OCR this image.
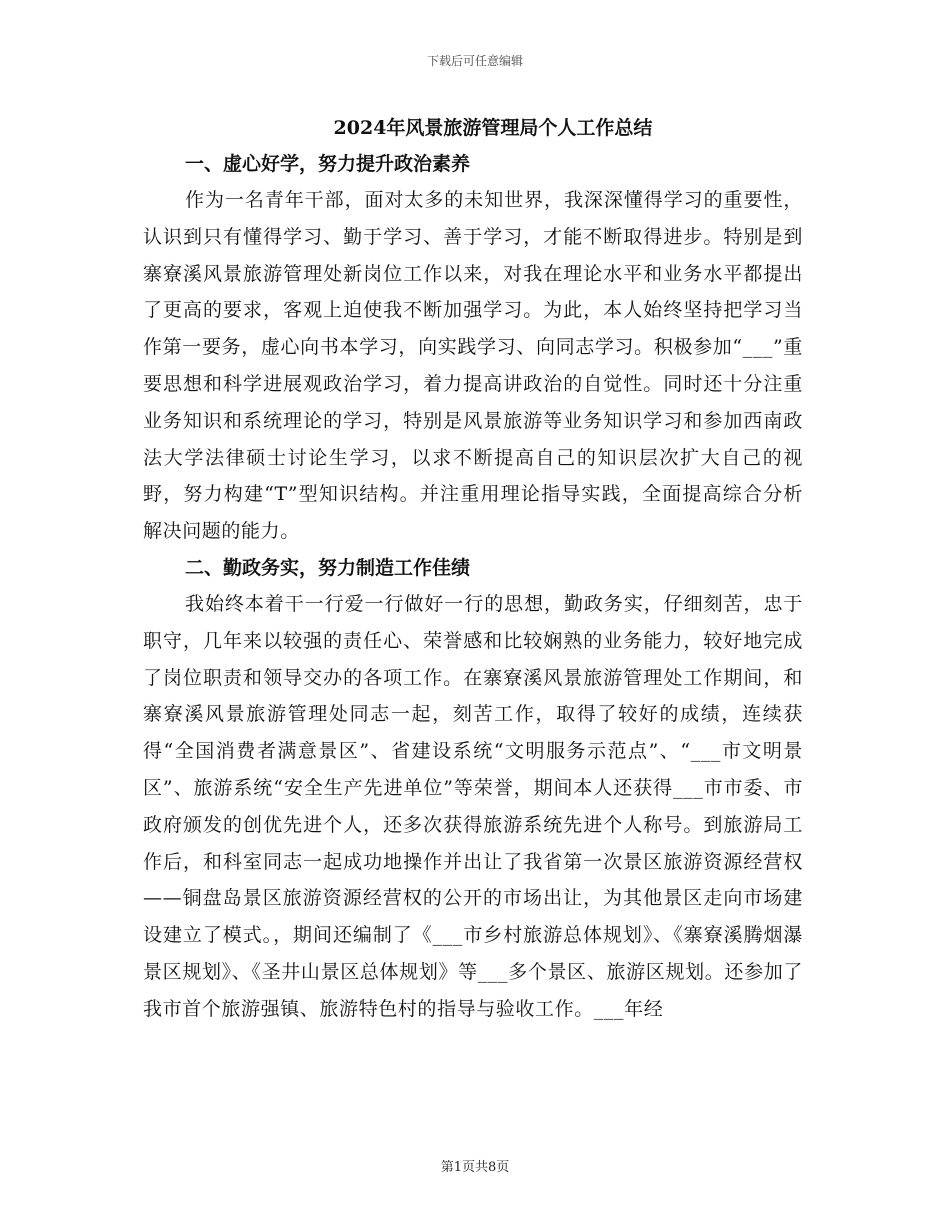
下载后可任意编辑
2024年风景旅游管理局个人工作总结
一、虚心好学，努力提升政治素养

作为一名青年干部，面对太多的未知世界，我深深懂得学习的重要性，认识到只有懂得学习、勤于学习、善于学习，才能不断取得进步。特别是到寨寮溪风景旅游管理处新岗位工作以来，对我在理论水平和业务水平都提出了更高的要求，客观上迫使我不断加强学习。为此，本人始终坚持把学习当作第一要务，虚心向书本学习，向实践学习、向同志学习。积极参加“___”重要思想和科学进展观政治学习，着力提高讲政治的自觉性。同时还十分注重业务知识和系统理论的学习，特别是风景旅游等业务知识学习和参加西南政法大学法律硕士讨论生学习，以求不断提高自己的知识层次扩大自己的视野，努力构建“T”型知识结构。并注重用理论指导实践，全面提高综合分析解决问题的能力。

二、勤政务实，努力制造工作佳绩

我始终本着干一行爱一行做好一行的思想，勤政务实，仔细刻苦，忠于职守，几年来以较强的责任心、荣誉感和比较娴熟的业务能力，较好地完成了岗位职责和领导交办的各项工作。在寨寮溪风景旅游管理处工作期间，和寨寮溪风景旅游管理处同志一起，刻苦工作，取得了较好的成绩，连续获得“全国消费者满意景区”、省建设系统“文明服务示范点”、“___市文明景区”、旅游系统“安全生产先进单位”等荣誉，期间本人还获得___市市委、市政府颁发的创优先进个人，还多次获得旅游系统先进个人称号。到旅游局工作后，和科室同志一起成功地操作并出让了我省第一次景区旅游资源经营权——铜盘岛景区旅游资源经营权的公开的市场出让，为其他景区走向市场建设建立了模式。，期间还编制了《___市乡村旅游总体规划》、《寨寮溪腾烟瀑景区规划》、《圣井山景区总体规划》等___多个景区、旅游区规划。还参加了我市首个旅游强镇、旅游特色村的指导与验收工作。___年经

第1页共8页
